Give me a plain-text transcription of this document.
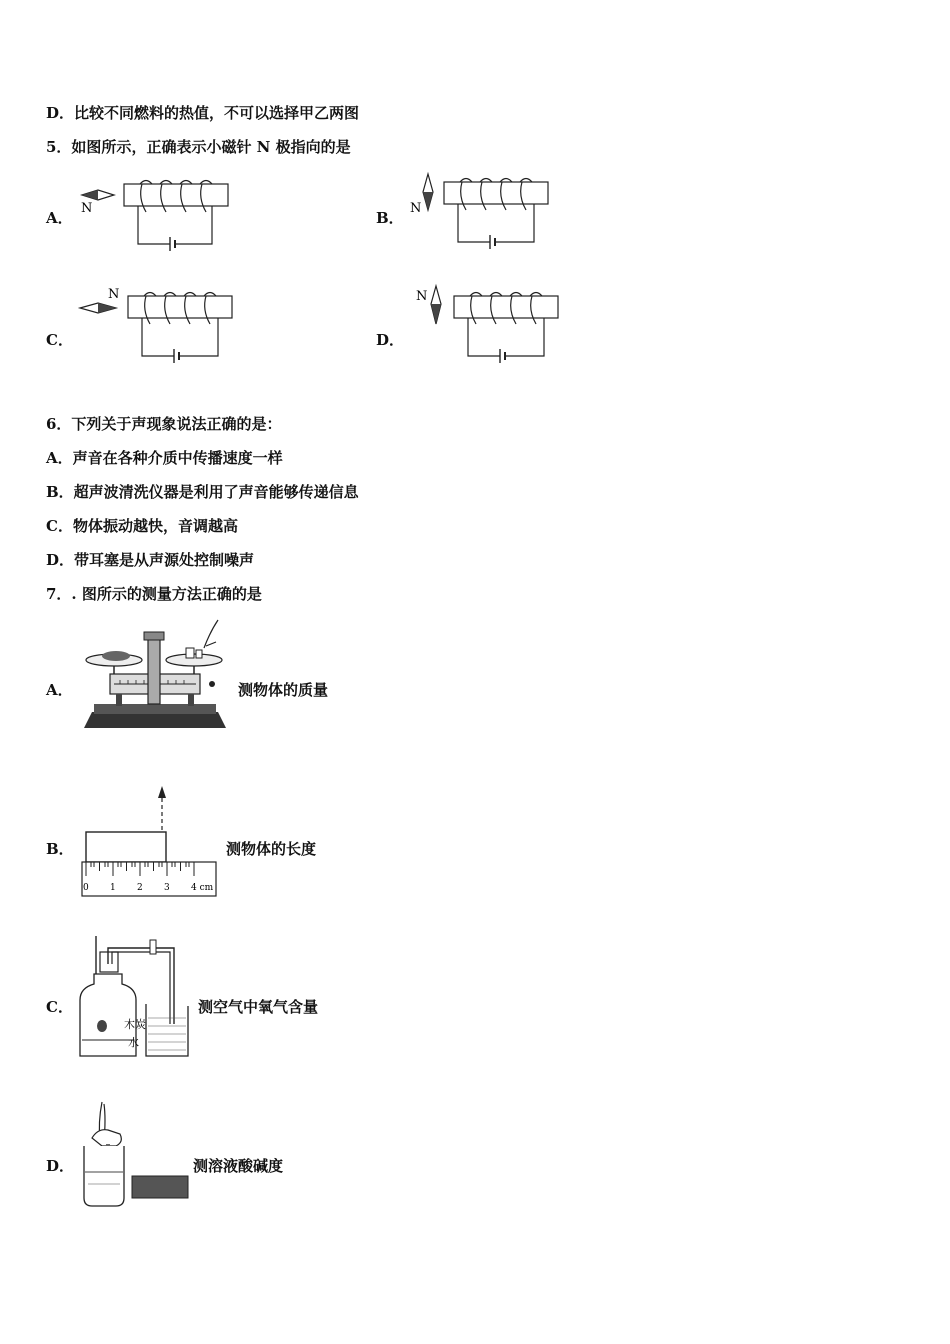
D．比较不同燃料的热值，不可以选择甲乙两图
5．如图所示，正确表示小磁针 N 极指向的是
A．	B．
C．	D．
N	N
N	N
6．下列关于声现象说法正确的是：
A．声音在各种介质中传播速度一样
B．超声波清洗仪器是利用了声音能够传递信息
C．物体振动越快，音调越高
D．带耳塞是从声源处控制噪声
7．. 图所示的测量方法正确的是
A．	测物体的质量
B．
0 1 2 3 4 cm
测物体的长度
C．
木炭
水
测空气中氧气含量
D．	测溶液酸碱度
